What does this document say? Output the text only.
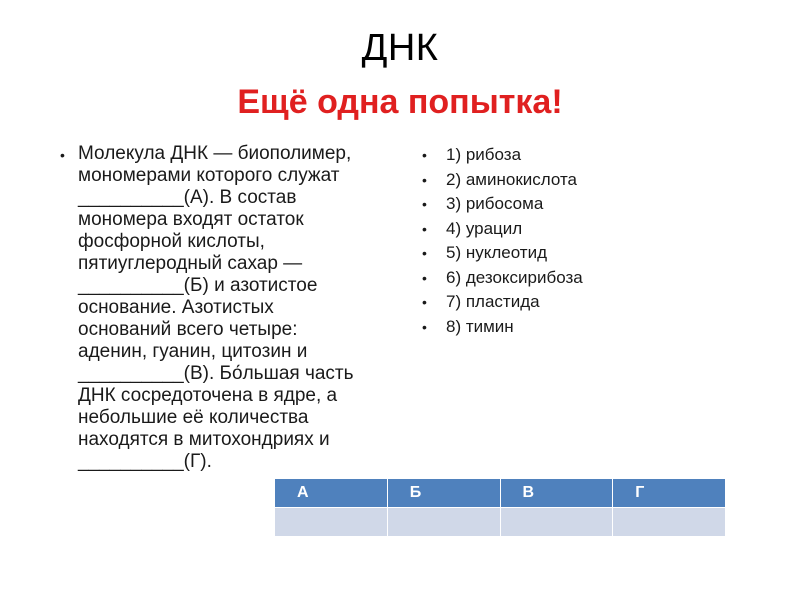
ДНК
Ещё одна попытка!
• Молекула ДНК — биополимер,
мономерами которого служат
__________(А). В состав
мономера входят остаток
фосфорной кислоты,
пятиуглеродный сахар —
__________(Б) и азотистое
основание. Азотистых
оснований всего четыре:
аденин, гуанин, цитозин и
__________(В). Бо́льшая часть
ДНК сосредоточена в ядре, а
небольшие её количества
находятся в митохондриях и
__________(Г).
• 1) рибоза
• 2) аминокислота
• 3) рибосома
• 4) урацил
• 5) нуклеотид
• 6) дезоксирибоза
• 7) пластида
• 8) тимин
А	Б	В	Г
